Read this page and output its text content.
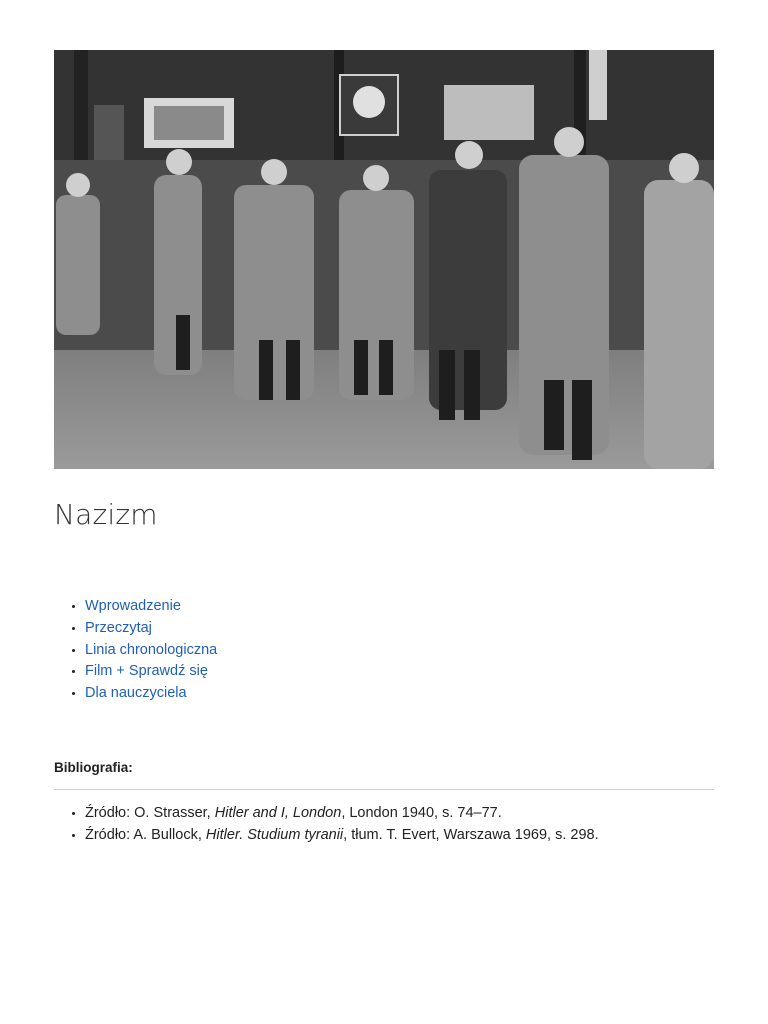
Nazizm
• Wprowadzenie
• Przeczytaj
• Linia chronologiczna
• Film + Sprawdź się
• Dla nauczyciela

Bibliografia:

• Źródło: O. Strasser, Hitler and I, London, London 1940, s. 74–77.
• Źródło: A. Bullock, Hitler. Studium tyranii, tłum. T. Evert, Warszawa 1969, s. 298.
